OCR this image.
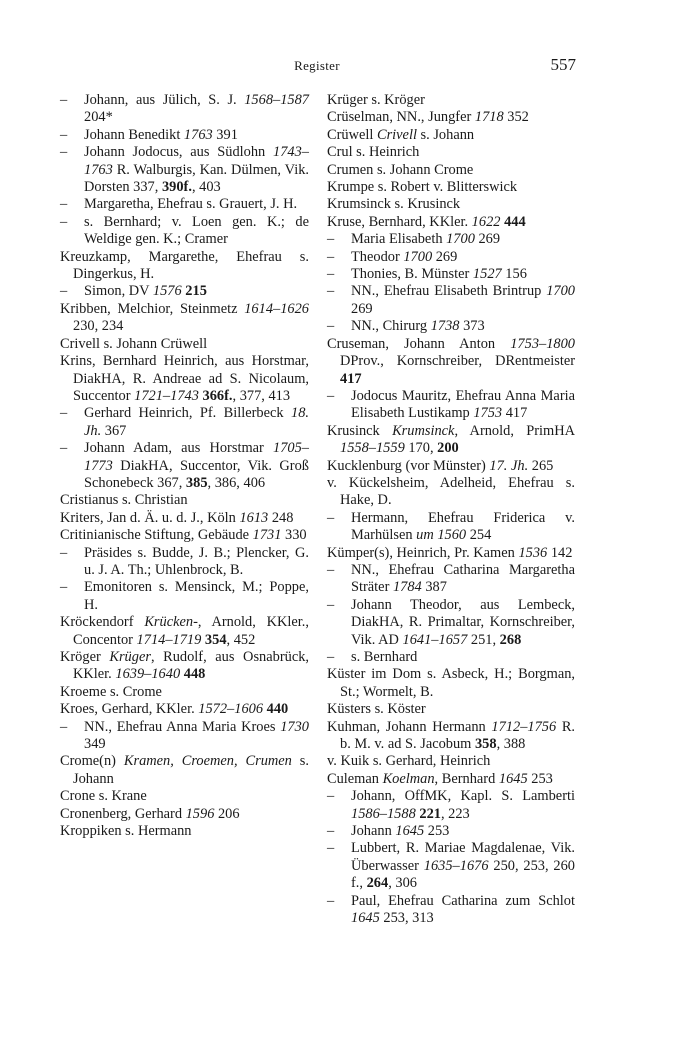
Register	557
– Johann, aus Jülich, S. J. 1568–1587 204*
– Johann Benedikt 1763 391
– Johann Jodocus, aus Südlohn 1743–1763 R. Walburgis, Kan. Dülmen, Vik. Dorsten 337, 390f., 403
– Margaretha, Ehefrau s. Grauert, J. H.
– s. Bernhard; v. Loen gen. K.; de Weldige gen. K.; Cramer
Kreuzkamp, Margarethe, Ehefrau s. Dingerkus, H.
– Simon, DV 1576 215
Kribben, Melchior, Steinmetz 1614–1626 230, 234
Crivell s. Johann Crüwell
Krins, Bernhard Heinrich, aus Horstmar, DiakHA, R. Andreae ad S. Nicolaum, Succentor 1721–1743 366f., 377, 413
– Gerhard Heinrich, Pf. Billerbeck 18. Jh. 367
– Johann Adam, aus Horstmar 1705–1773 DiakHA, Succentor, Vik. Groß Schonebeck 367, 385, 386, 406
Cristianus s. Christian
Kriters, Jan d. Ä. u. d. J., Köln 1613 248
Critinianische Stiftung, Gebäude 1731 330
– Präsides s. Budde, J. B.; Plencker, G. u. J. A. Th.; Uhlenbrock, B.
– Emonitoren s. Mensinck, M.; Poppe, H.
Kröckendorf Krücken-, Arnold, KKler., Concentor 1714–1719 354, 452
Kröger Krüger, Rudolf, aus Osnabrück, KKler. 1639–1640 448
Kroeme s. Crome
Kroes, Gerhard, KKler. 1572–1606 440
– NN., Ehefrau Anna Maria Kroes 1730 349
Crome(n) Kramen, Croemen, Crumen s. Johann
Crone s. Krane
Cronenberg, Gerhard 1596 206
Kroppiken s. Hermann
Krüger s. Kröger
Crüselman, NN., Jungfer 1718 352
Crüwell Crivell s. Johann
Crul s. Heinrich
Crumen s. Johann Crome
Krumpe s. Robert v. Blitterswick
Krumsinck s. Krusinck
Kruse, Bernhard, KKler. 1622 444
– Maria Elisabeth 1700 269
– Theodor 1700 269
– Thonies, B. Münster 1527 156
– NN., Ehefrau Elisabeth Brintrup 1700 269
– NN., Chirurg 1738 373
Cruseman, Johann Anton 1753–1800 DProv., Kornschreiber, DRentmeister 417
– Jodocus Mauritz, Ehefrau Anna Maria Elisabeth Lustikamp 1753 417
Krusinck Krumsinck, Arnold, PrimHA 1558–1559 170, 200
Kucklenburg (vor Münster) 17. Jh. 265
v. Kückelsheim, Adelheid, Ehefrau s. Hake, D.
– Hermann, Ehefrau Friderica v. Marhülsen um 1560 254
Kümper(s), Heinrich, Pr. Kamen 1536 142
– NN., Ehefrau Catharina Margaretha Sträter 1784 387
– Johann Theodor, aus Lembeck, DiakHA, R. Primaltar, Kornschreiber, Vik. AD 1641–1657 251, 268
– s. Bernhard
Küster im Dom s. Asbeck, H.; Borgman, St.; Wormelt, B.
Küsters s. Köster
Kuhman, Johann Hermann 1712–1756 R. b. M. v. ad S. Jacobum 358, 388
v. Kuik s. Gerhard, Heinrich
Culeman Koelman, Bernhard 1645 253
– Johann, OffMK, Kapl. S. Lamberti 1586–1588 221, 223
– Johann 1645 253
– Lubbert, R. Mariae Magdalenae, Vik. Überwasser 1635–1676 250, 253, 260 f., 264, 306
– Paul, Ehefrau Catharina zum Schlot 1645 253, 313
